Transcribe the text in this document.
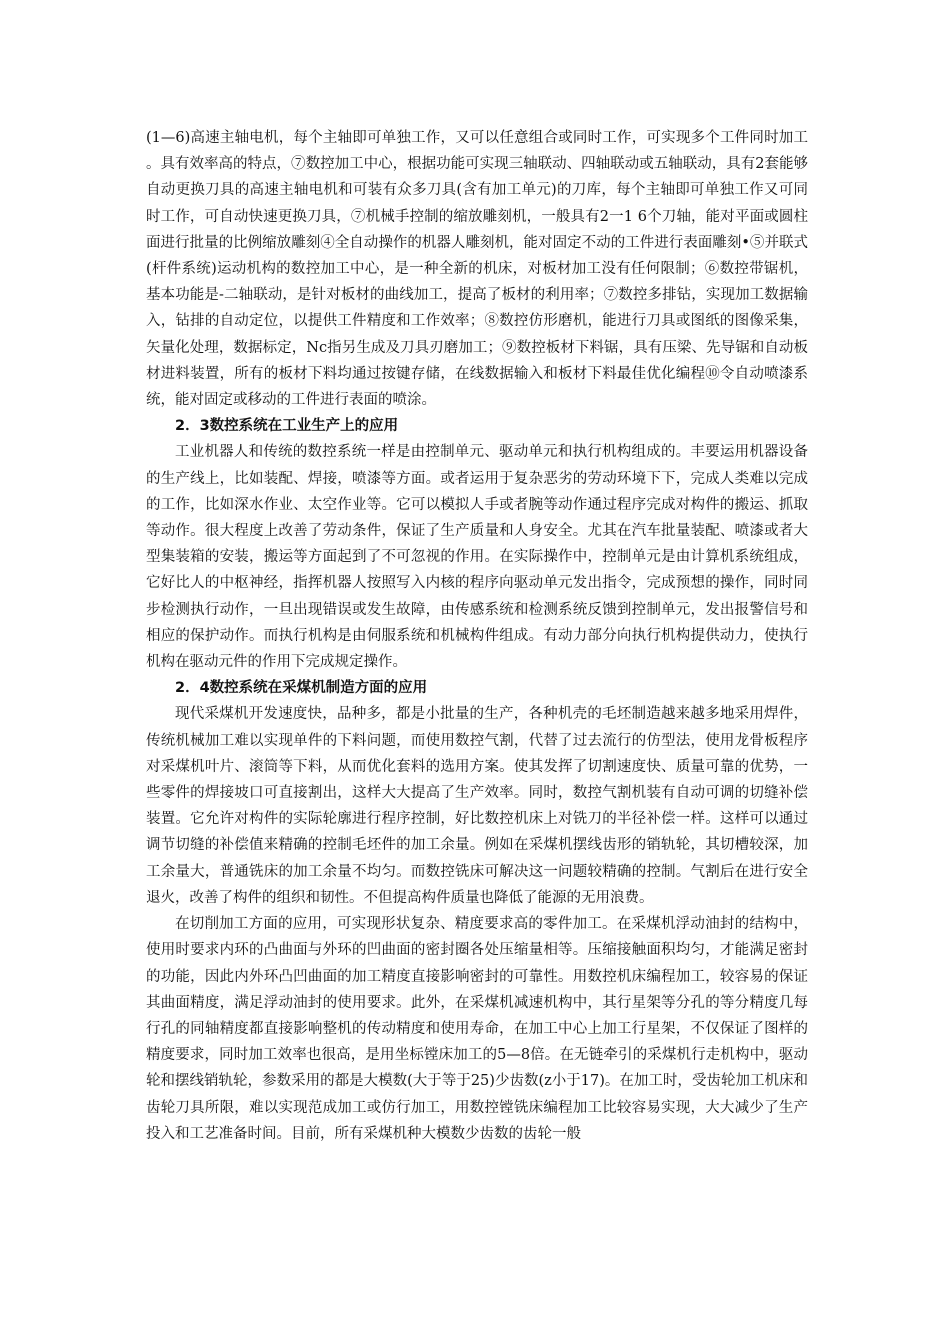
(1—6)高速主轴电机，每个主轴即可单独工作，又可以任意组合或同时工作，可实现多个工件同时加工。具有效率高的特点，⑦数控加工中心，根据功能可实现三轴联动、四轴联动或五轴联动，具有2套能够自动更换刀具的高速主轴电机和可装有众多刀具(含有加工单元)的刀库，每个主轴即可单独工作又可同时工作，可自动快速更换刀具，⑦机械手控制的缩放雕刻机，一般具有2一1 6个刀轴，能对平面或圆柱面进行批量的比例缩放雕刻④全自动操作的机器人雕刻机，能对固定不动的工件进行表面雕刻•⑤并联式(杆件系统)运动机构的数控加工中心，是一种全新的机床，对板材加工没有任何限制；⑥数控带锯机，基本功能是-二轴联动，是针对板材的曲线加工，提高了板材的利用率；⑦数控多排钻，实现加工数据输入，钻排的自动定位，以提供工件精度和工作效率；⑧数控仿形磨机，能进行刀具或图纸的图像采集，矢量化处理，数据标定，Nc指另生成及刀具刃磨加工；⑨数控板材下料锯，具有压梁、先导锯和自动板材进料装置，所有的板材下料均通过按键存储，在线数据输入和板材下料最佳优化编程⑩令自动喷漆系统，能对固定或移动的工件进行表面的喷涂。

2．3数控系统在工业生产上的应用

工业机器人和传统的数控系统一样是由控制单元、驱动单元和执行机构组成的。丰要运用机器设备的生产线上，比如装配、焊接，喷漆等方面。或者运用于复杂恶劣的劳动环境下下，完成人类难以完成的工作，比如深水作业、太空作业等。它可以模拟人手或者腕等动作通过程序完成对构件的搬运、抓取等动作。很大程度上改善了劳动条件，保证了生产质量和人身安全。尤其在汽车批量装配、喷漆或者大型集装箱的安装，搬运等方面起到了不可忽视的作用。在实际操作中，控制单元是由计算机系统组成，它好比人的中枢神经，指挥机器人按照写入内核的程序向驱动单元发出指令，完成预想的操作，同时同步检测执行动作，一旦出现错误或发生故障，由传感系统和检测系统反馈到控制单元，发出报警信号和相应的保护动作。而执行机构是由伺服系统和机械构件组成。有动力部分向执行机构提供动力，使执行机构在驱动元件的作用下完成规定操作。

2．4数控系统在采煤机制造方面的应用

现代采煤机开发速度快，品种多，都是小批量的生产，各种机壳的毛坯制造越来越多地采用焊件，传统机械加工难以实现单件的下料问题，而使用数控气割，代替了过去流行的仿型法，使用龙骨板程序对采煤机叶片、滚筒等下料，从而优化套料的选用方案。使其发挥了切割速度快、质量可靠的优势，一些零件的焊接坡口可直接割出，这样大大提高了生产效率。同时，数控气割机装有自动可调的切缝补偿装置。它允许对构件的实际轮廓进行程序控制，好比数控机床上对铣刀的半径补偿一样。这样可以通过调节切缝的补偿值来精确的控制毛坯件的加工余量。例如在采煤机摆线齿形的销轨轮，其切槽较深，加工余量大，普通铣床的加工余量不均匀。而数控铣床可解决这一问题较精确的控制。气割后在进行安全退火，改善了构件的组织和韧性。不但提高构件质量也降低了能源的无用浪费。

在切削加工方面的应用，可实现形状复杂、精度要求高的零件加工。在采煤机浮动油封的结构中，使用时要求内环的凸曲面与外环的凹曲面的密封圈各处压缩量相等。压缩接触面积均匀，才能满足密封的功能，因此内外环凸凹曲面的加工精度直接影响密封的可靠性。用数控机床编程加工，较容易的保证其曲面精度，满足浮动油封的使用要求。此外，在采煤机减速机构中，其行星架等分孔的等分精度几每行孔的同轴精度都直接影响整机的传动精度和使用寿命，在加工中心上加工行星架，不仅保证了图样的精度要求，同时加工效率也很高，是用坐标镗床加工的5—8倍。在无链牵引的采煤机行走机构中，驱动轮和摆线销轨轮，参数采用的都是大模数(大于等于25)少齿数(z小于17)。在加工时，受齿轮加工机床和齿轮刀具所限，难以实现范成加工或仿行加工，用数控镗铣床编程加工比较容易实现，大大减少了生产投入和工艺准备时间。目前，所有采煤机种大模数少齿数的齿轮一般
